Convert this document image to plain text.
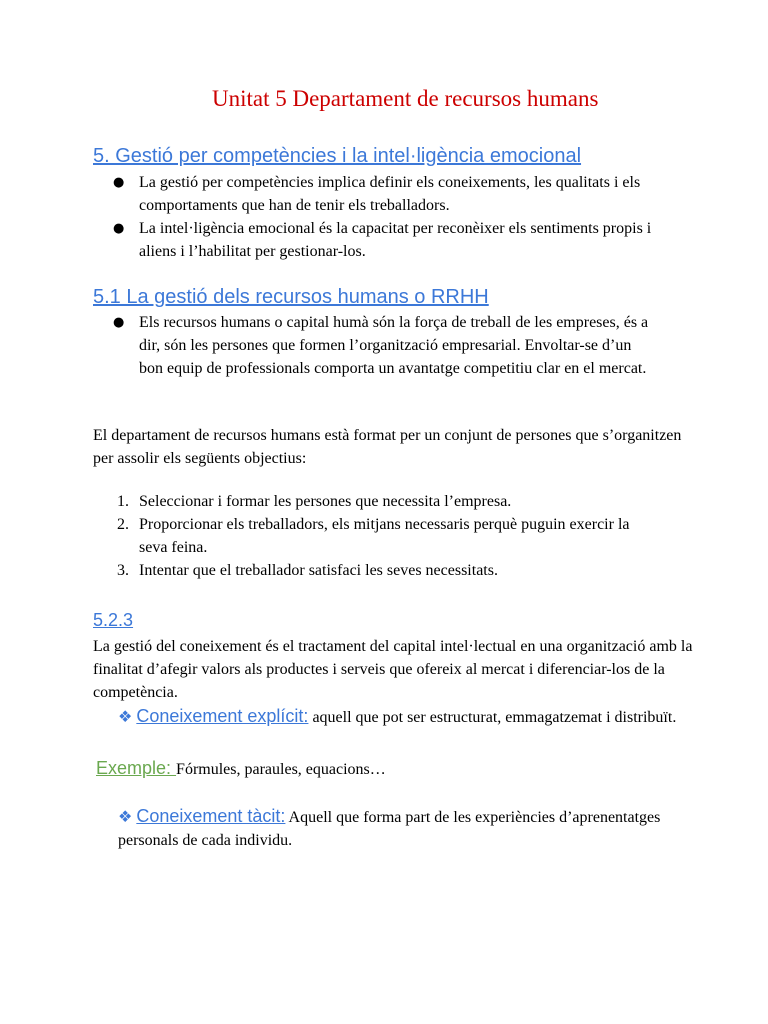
Unitat 5 Departament de recursos humans
5. Gestió per competències i la intel·ligència emocional
● La gestió per competències implica definir els coneixements, les qualitats i els comportaments que han de tenir els treballadors.
● La intel·ligència emocional és la capacitat per reconèixer els sentiments propis i aliens i l’habilitat per gestionar-los.
5.1 La gestió dels recursos humans o RRHH
● Els recursos humans o capital humà són la força de treball de les empreses, és a dir, són les persones que formen l’organització empresarial. Envoltar-se d’un bon equip de professionals comporta un avantatge competitiu clar en el mercat.
El departament de recursos humans està format per un conjunt de persones que s’organitzen per assolir els següents objectius:
1. Seleccionar i formar les persones que necessita l’empresa.
2. Proporcionar els treballadors, els mitjans necessaris perquè puguin exercir la seva feina.
3. Intentar que el treballador satisfaci les seves necessitats.
5.2.3
La gestió del coneixement és el tractament del capital intel·lectual en una organització amb la finalitat d’afegir valors als productes i serveis que ofereix al mercat i diferenciar-los de la competència.
❖ Coneixement explícit: aquell que pot ser estructurat, emmagatzemat i distribuït.
Exemple: Fórmules, paraules, equacions…
❖ Coneixement tàcit: Aquell que forma part de les experiències d’aprenentatges personals de cada individu.
